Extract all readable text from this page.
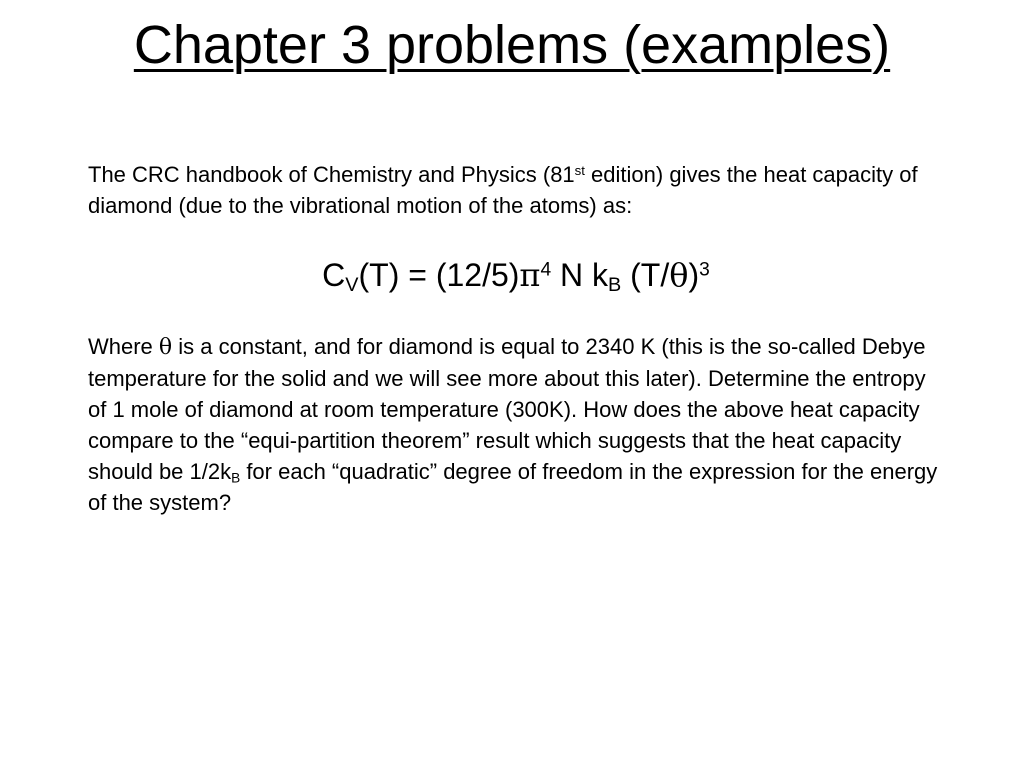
Chapter 3 problems (examples)

The CRC handbook of Chemistry and Physics (81st edition) gives the heat capacity of diamond (due to the vibrational motion of the atoms) as:

$C_V(T) = (12/5)\pi^4$ N $k_B$ $(T/\theta)^3$

Where θ is a constant, and for diamond is equal to 2340 K (this is the so-called Debye temperature for the solid and we will see more about this later). Determine the entropy of 1 mole of diamond at room temperature (300K). How does the above heat capacity compare to the “equi-partition theorem” result which suggests that the heat capacity should be $1/2k_B$ for each “quadratic” degree of freedom in the expression for the energy of the system?
